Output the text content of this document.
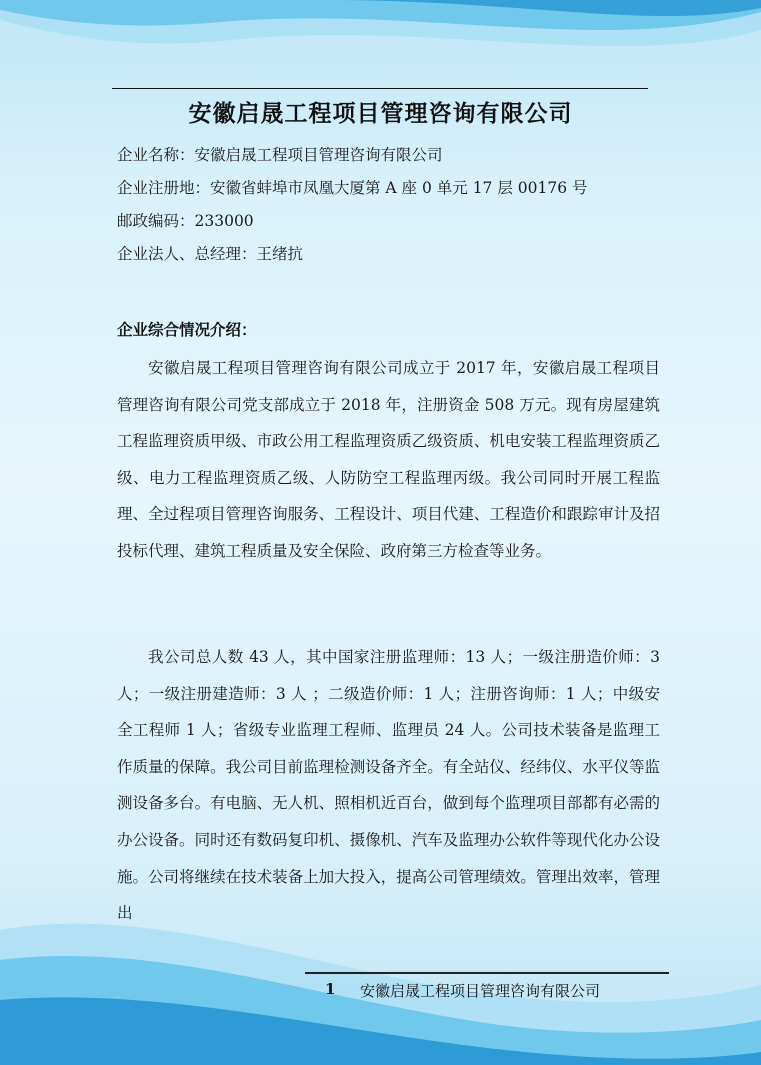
安徽启晟工程项目管理咨询有限公司
企业名称：安徽启晟工程项目管理咨询有限公司
企业注册地：安徽省蚌埠市凤凰大厦第 A 座 0 单元 17 层 00176 号
邮政编码：233000
企业法人、总经理：王绪抗
企业综合情况介绍：

安徽启晟工程项目管理咨询有限公司成立于 2017 年，安徽启晟工程项目管理咨询有限公司党支部成立于 2018 年，注册资金 508 万元。现有房屋建筑工程监理资质甲级、市政公用工程监理资质乙级资质、机电安装工程监理资质乙级、电力工程监理资质乙级、人防防空工程监理丙级。我公司同时开展工程监理、全过程项目管理咨询服务、工程设计、项目代建、工程造价和跟踪审计及招投标代理、建筑工程质量及安全保险、政府第三方检查等业务。

我公司总人数 43 人，其中国家注册监理师：13 人；一级注册造价师：3 人；一级注册建造师：3 人 ；二级造价师：1 人；注册咨询师：1 人；中级安全工程师 1 人；省级专业监理工程师、监理员 24 人。公司技术装备是监理工作质量的保障。我公司目前监理检测设备齐全。有全站仪、经纬仪、水平仪等监测设备多台。有电脑、无人机、照相机近百台，做到每个监理项目部都有必需的办公设备。同时还有数码复印机、摄像机、汽车及监理办公软件等现代化办公设施。公司将继续在技术装备上加大投入，提高公司管理绩效。管理出效率，管理出

1 安徽启晟工程项目管理咨询有限公司
